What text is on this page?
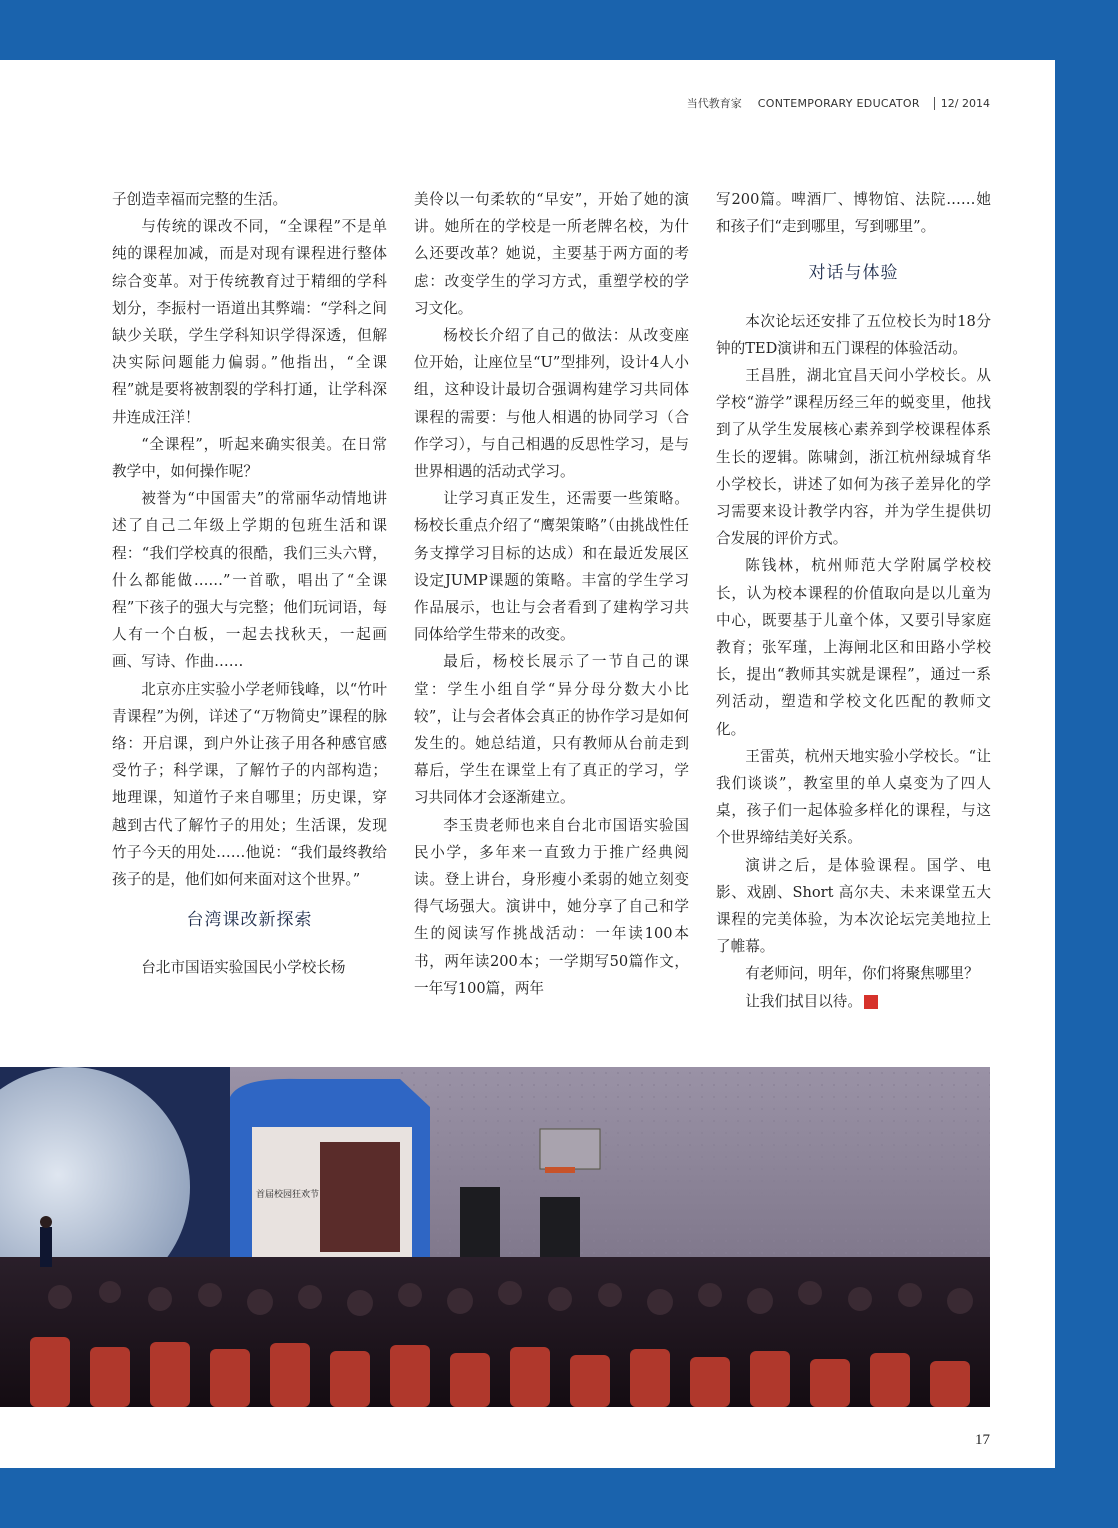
当代教育家 CONTEMPORARY EDUCATOR	12/ 2014

子创造幸福而完整的生活。

与传统的课改不同，“全课程”不是单纯的课程加减，而是对现有课程进行整体综合变革。对于传统教育过于精细的学科划分，李振村一语道出其弊端：“学科之间缺少关联，学生学科知识学得深透，但解决实际问题能力偏弱。”他指出，“全课程”就是要将被割裂的学科打通，让学科深井连成汪洋！

“全课程”，听起来确实很美。在日常教学中，如何操作呢？

被誉为“中国雷夫”的常丽华动情地讲述了自己二年级上学期的包班生活和课程：“我们学校真的很酷，我们三头六臂，什么都能做……”一首歌，唱出了“全课程”下孩子的强大与完整；他们玩词语，每人有一个白板，一起去找秋天，一起画画、写诗、作曲……

北京亦庄实验小学老师钱峰，以“竹叶青课程”为例，详述了“万物简史”课程的脉络：开启课，到户外让孩子用各种感官感受竹子；科学课，了解竹子的内部构造；地理课，知道竹子来自哪里；历史课，穿越到古代了解竹子的用处；生活课，发现竹子今天的用处……他说：“我们最终教给孩子的是，他们如何来面对这个世界。”

台湾课改新探索

台北市国语实验国民小学校长杨

美伶以一句柔软的“早安”，开始了她的演讲。她所在的学校是一所老牌名校，为什么还要改革？她说，主要基于两方面的考虑：改变学生的学习方式，重塑学校的学习文化。

杨校长介绍了自己的做法：从改变座位开始，让座位呈“U”型排列，设计4人小组，这种设计最切合强调构建学习共同体课程的需要：与他人相遇的协同学习（合作学习），与自己相遇的反思性学习，是与世界相遇的活动式学习。

让学习真正发生，还需要一些策略。杨校长重点介绍了“鹰架策略”（由挑战性任务支撑学习目标的达成）和在最近发展区设定JUMP课题的策略。丰富的学生学习作品展示，也让与会者看到了建构学习共同体给学生带来的改变。

最后，杨校长展示了一节自己的课堂：学生小组自学“异分母分数大小比较”，让与会者体会真正的协作学习是如何发生的。她总结道，只有教师从台前走到幕后，学生在课堂上有了真正的学习，学习共同体才会逐渐建立。

李玉贵老师也来自台北市国语实验国民小学，多年来一直致力于推广经典阅读。登上讲台，身形瘦小柔弱的她立刻变得气场强大。演讲中，她分享了自己和学生的阅读写作挑战活动：一年读100本书，两年读200本；一学期写50篇作文，一年写100篇，两年

写200篇。啤酒厂、博物馆、法院……她和孩子们“走到哪里，写到哪里”。

对话与体验

本次论坛还安排了五位校长为时18分钟的TED演讲和五门课程的体验活动。

王昌胜，湖北宜昌天问小学校长。从学校“游学”课程历经三年的蜕变里，他找到了从学生发展核心素养到学校课程体系生长的逻辑。陈啸剑，浙江杭州绿城育华小学校长，讲述了如何为孩子差异化的学习需要来设计教学内容，并为学生提供切合发展的评价方式。

陈钱林，杭州师范大学附属学校校长，认为校本课程的价值取向是以儿童为中心，既要基于儿童个体，又要引导家庭教育；张军瑾，上海闸北区和田路小学校长，提出“教师其实就是课程”，通过一系列活动，塑造和学校文化匹配的教师文化。

王雷英，杭州天地实验小学校长。“让我们谈谈”，教室里的单人桌变为了四人桌，孩子们一起体验多样化的课程，与这个世界缔结美好关系。

演讲之后，是体验课程。国学、电影、戏剧、Short 高尔夫、未来课堂五大课程的完美体验，为本次论坛完美地拉上了帷幕。

有老师问，明年，你们将聚焦哪里？

让我们拭目以待。	家

首届校园狂欢节
17
